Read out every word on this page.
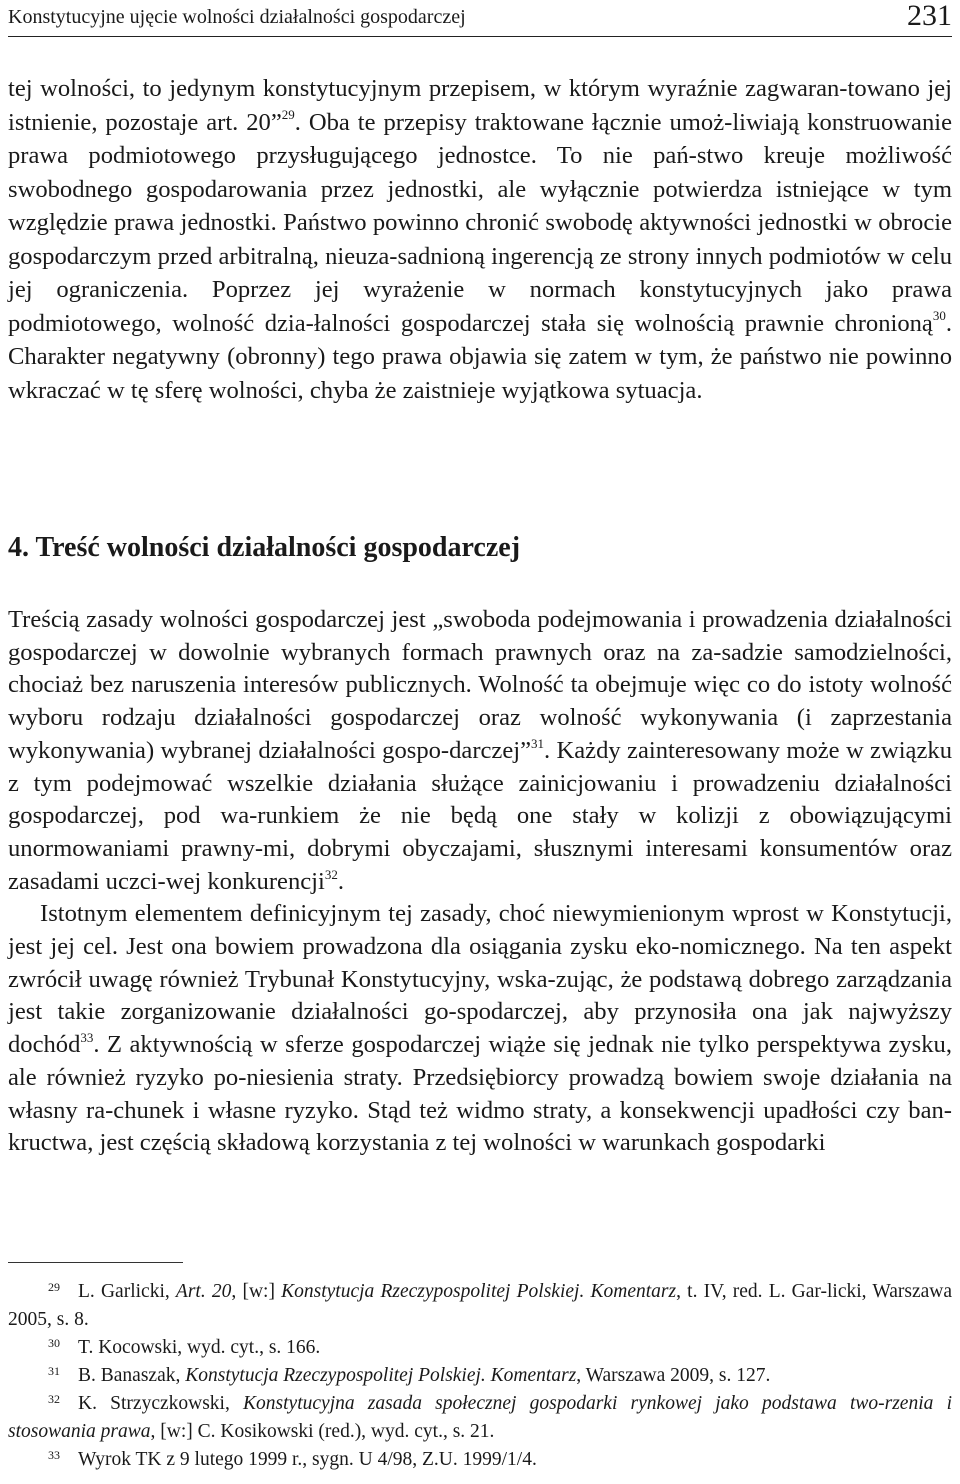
Konstytucyjne ujęcie wolności działalności gospodarczej	231

tej wolności, to jedynym konstytucyjnym przepisem, w którym wyraźnie zagwaran-towano jej istnienie, pozostaje art. 20”$^{29}$. Oba te przepisy traktowane łącznie umoż-liwiają konstruowanie prawa podmiotowego przysługującego jednostce. To nie pań-stwo kreuje możliwość swobodnego gospodarowania przez jednostki, ale wyłącznie potwierdza istniejące w tym względzie prawa jednostki. Państwo powinno chronić swobodę aktywności jednostki w obrocie gospodarczym przed arbitralną, nieuza-sadnioną ingerencją ze strony innych podmiotów w celu jej ograniczenia. Poprzez jej wyrażenie w normach konstytucyjnych jako prawa podmiotowego, wolność dzia-łalności gospodarczej stała się wolnością prawnie chronioną$^{30}$. Charakter negatywny (obronny) tego prawa objawia się zatem w tym, że państwo nie powinno wkraczać w tę sferę wolności, chyba że zaistnieje wyjątkowa sytuacja.

4. Treść wolności działalności gospodarczej
Treścią zasady wolności gospodarczej jest „swoboda podejmowania i prowadzenia działalności gospodarczej w dowolnie wybranych formach prawnych oraz na za-sadzie samodzielności, chociaż bez naruszenia interesów publicznych. Wolność ta obejmuje więc co do istoty wolność wyboru rodzaju działalności gospodarczej oraz wolność wykonywania (i zaprzestania wykonywania) wybranej działalności gospo-darczej”$^{31}$. Każdy zainteresowany może w związku z tym podejmować wszelkie działania służące zainicjowaniu i prowadzeniu działalności gospodarczej, pod wa-runkiem że nie będą one stały w kolizji z obowiązującymi unormowaniami prawny-mi, dobrymi obyczajami, słusznymi interesami konsumentów oraz zasadami uczci-wej konkurencji$^{32}$.
Istotnym elementem definicyjnym tej zasady, choć niewymienionym wprost w Konstytucji, jest jej cel. Jest ona bowiem prowadzona dla osiągania zysku eko-nomicznego. Na ten aspekt zwrócił uwagę również Trybunał Konstytucyjny, wska-zując, że podstawą dobrego zarządzania jest takie zorganizowanie działalności go-spodarczej, aby przynosiła ona jak najwyższy dochód$^{33}$. Z aktywnością w sferze gospodarczej wiąże się jednak nie tylko perspektywa zysku, ale również ryzyko po-niesienia straty. Przedsiębiorcy prowadzą bowiem swoje działania na własny ra-chunek i własne ryzyko. Stąd też widmo straty, a konsekwencji upadłości czy ban-kructwa, jest częścią składową korzystania z tej wolności w warunkach gospodarki

29 L. Garlicki, Art. 20, [w:] Konstytucja Rzeczypospolitej Polskiej. Komentarz, t. IV, red. L. Gar-licki, Warszawa 2005, s. 8.

30 T. Kocowski, wyd. cyt., s. 166.

31 B. Banaszak, Konstytucja Rzeczypospolitej Polskiej. Komentarz, Warszawa 2009, s. 127.

32 K. Strzyczkowski, Konstytucyjna zasada społecznej gospodarki rynkowej jako podstawa two-rzenia i stosowania prawa, [w:] C. Kosikowski (red.), wyd. cyt., s. 21.

33 Wyrok TK z 9 lutego 1999 r., sygn. U 4/98, Z.U. 1999/1/4.
